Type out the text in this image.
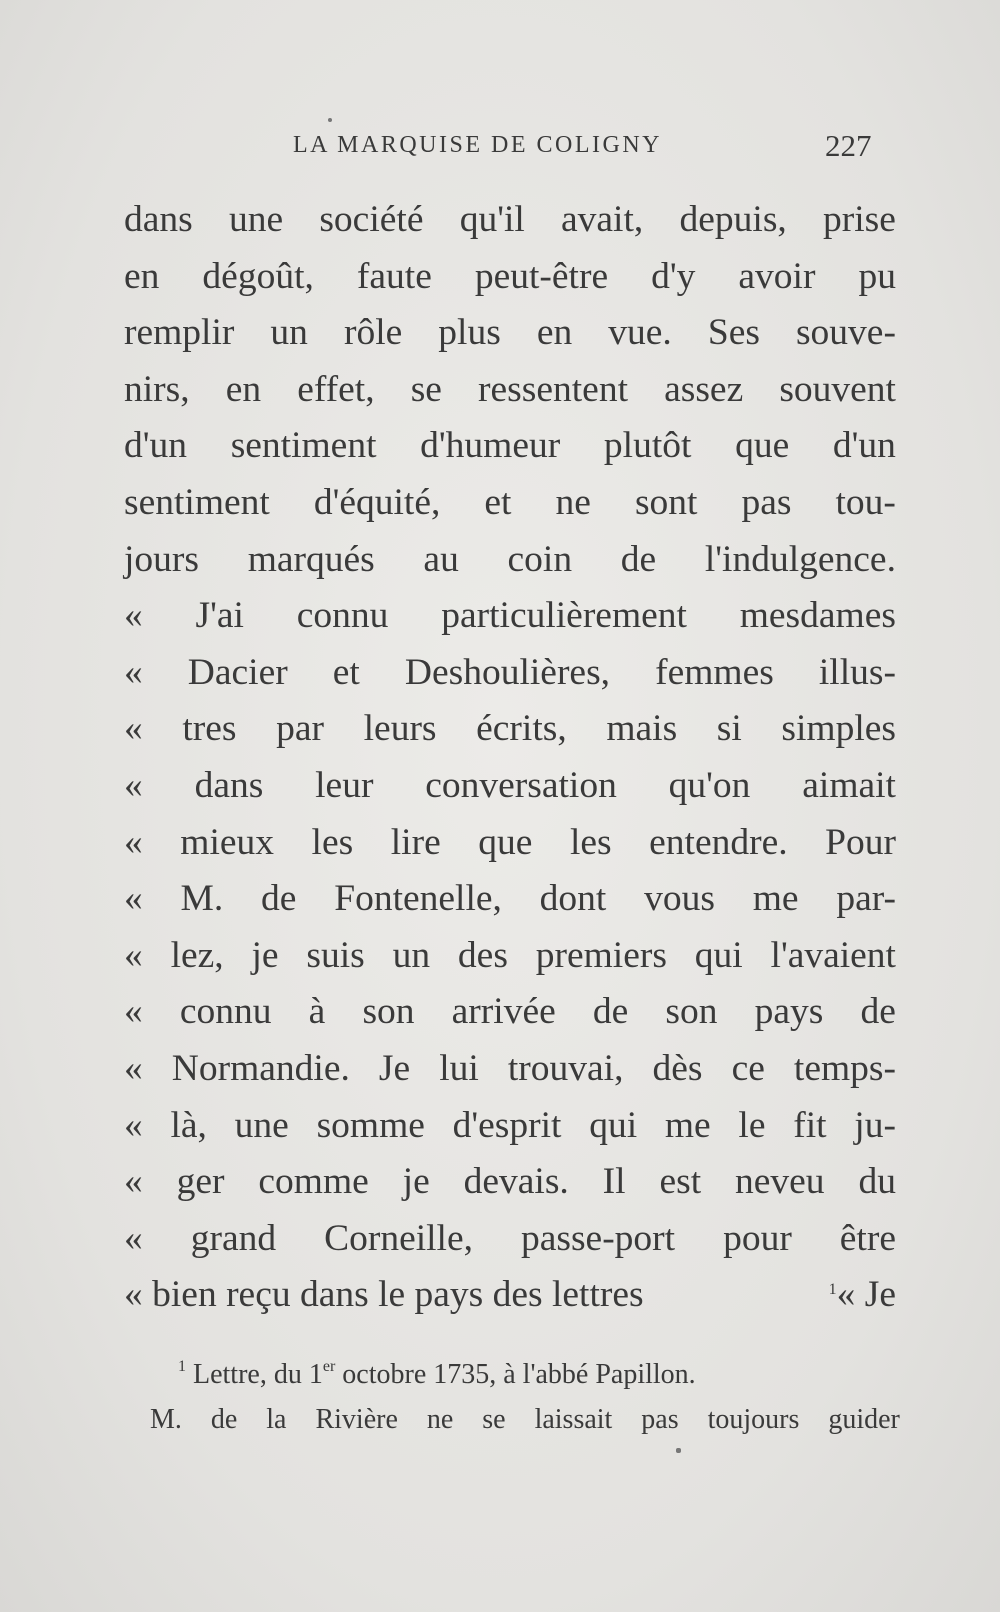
LA MARQUISE DE COLIGNY	227
dans une société qu'il avait, depuis, prise
en dégoût, faute peut-être d'y avoir pu
remplir un rôle plus en vue. Ses souve-
nirs, en effet, se ressentent assez souvent
d'un sentiment d'humeur plutôt que d'un
sentiment d'équité, et ne sont pas tou-
jours marqués au coin de l'indulgence.
« J'ai connu particulièrement mesdames
« Dacier et Deshoulières, femmes illus-
« tres par leurs écrits, mais si simples
« dans leur conversation qu'on aimait
« mieux les lire que les entendre. Pour
« M. de Fontenelle, dont vous me par-
« lez, je suis un des premiers qui l'avaient
« connu à son arrivée de son pays de
« Normandie. Je lui trouvai, dès ce temps-
« là, une somme d'esprit qui me le fit ju-
« ger comme je devais. Il est neveu du
« grand Corneille, passe-port pour être
« bien reçu dans le pays des lettres	$^1$« Je
$^1$ Lettre, du 1er octobre 1735, à l'abbé Papillon.
M. de la Rivière ne se laissait pas toujours guider
